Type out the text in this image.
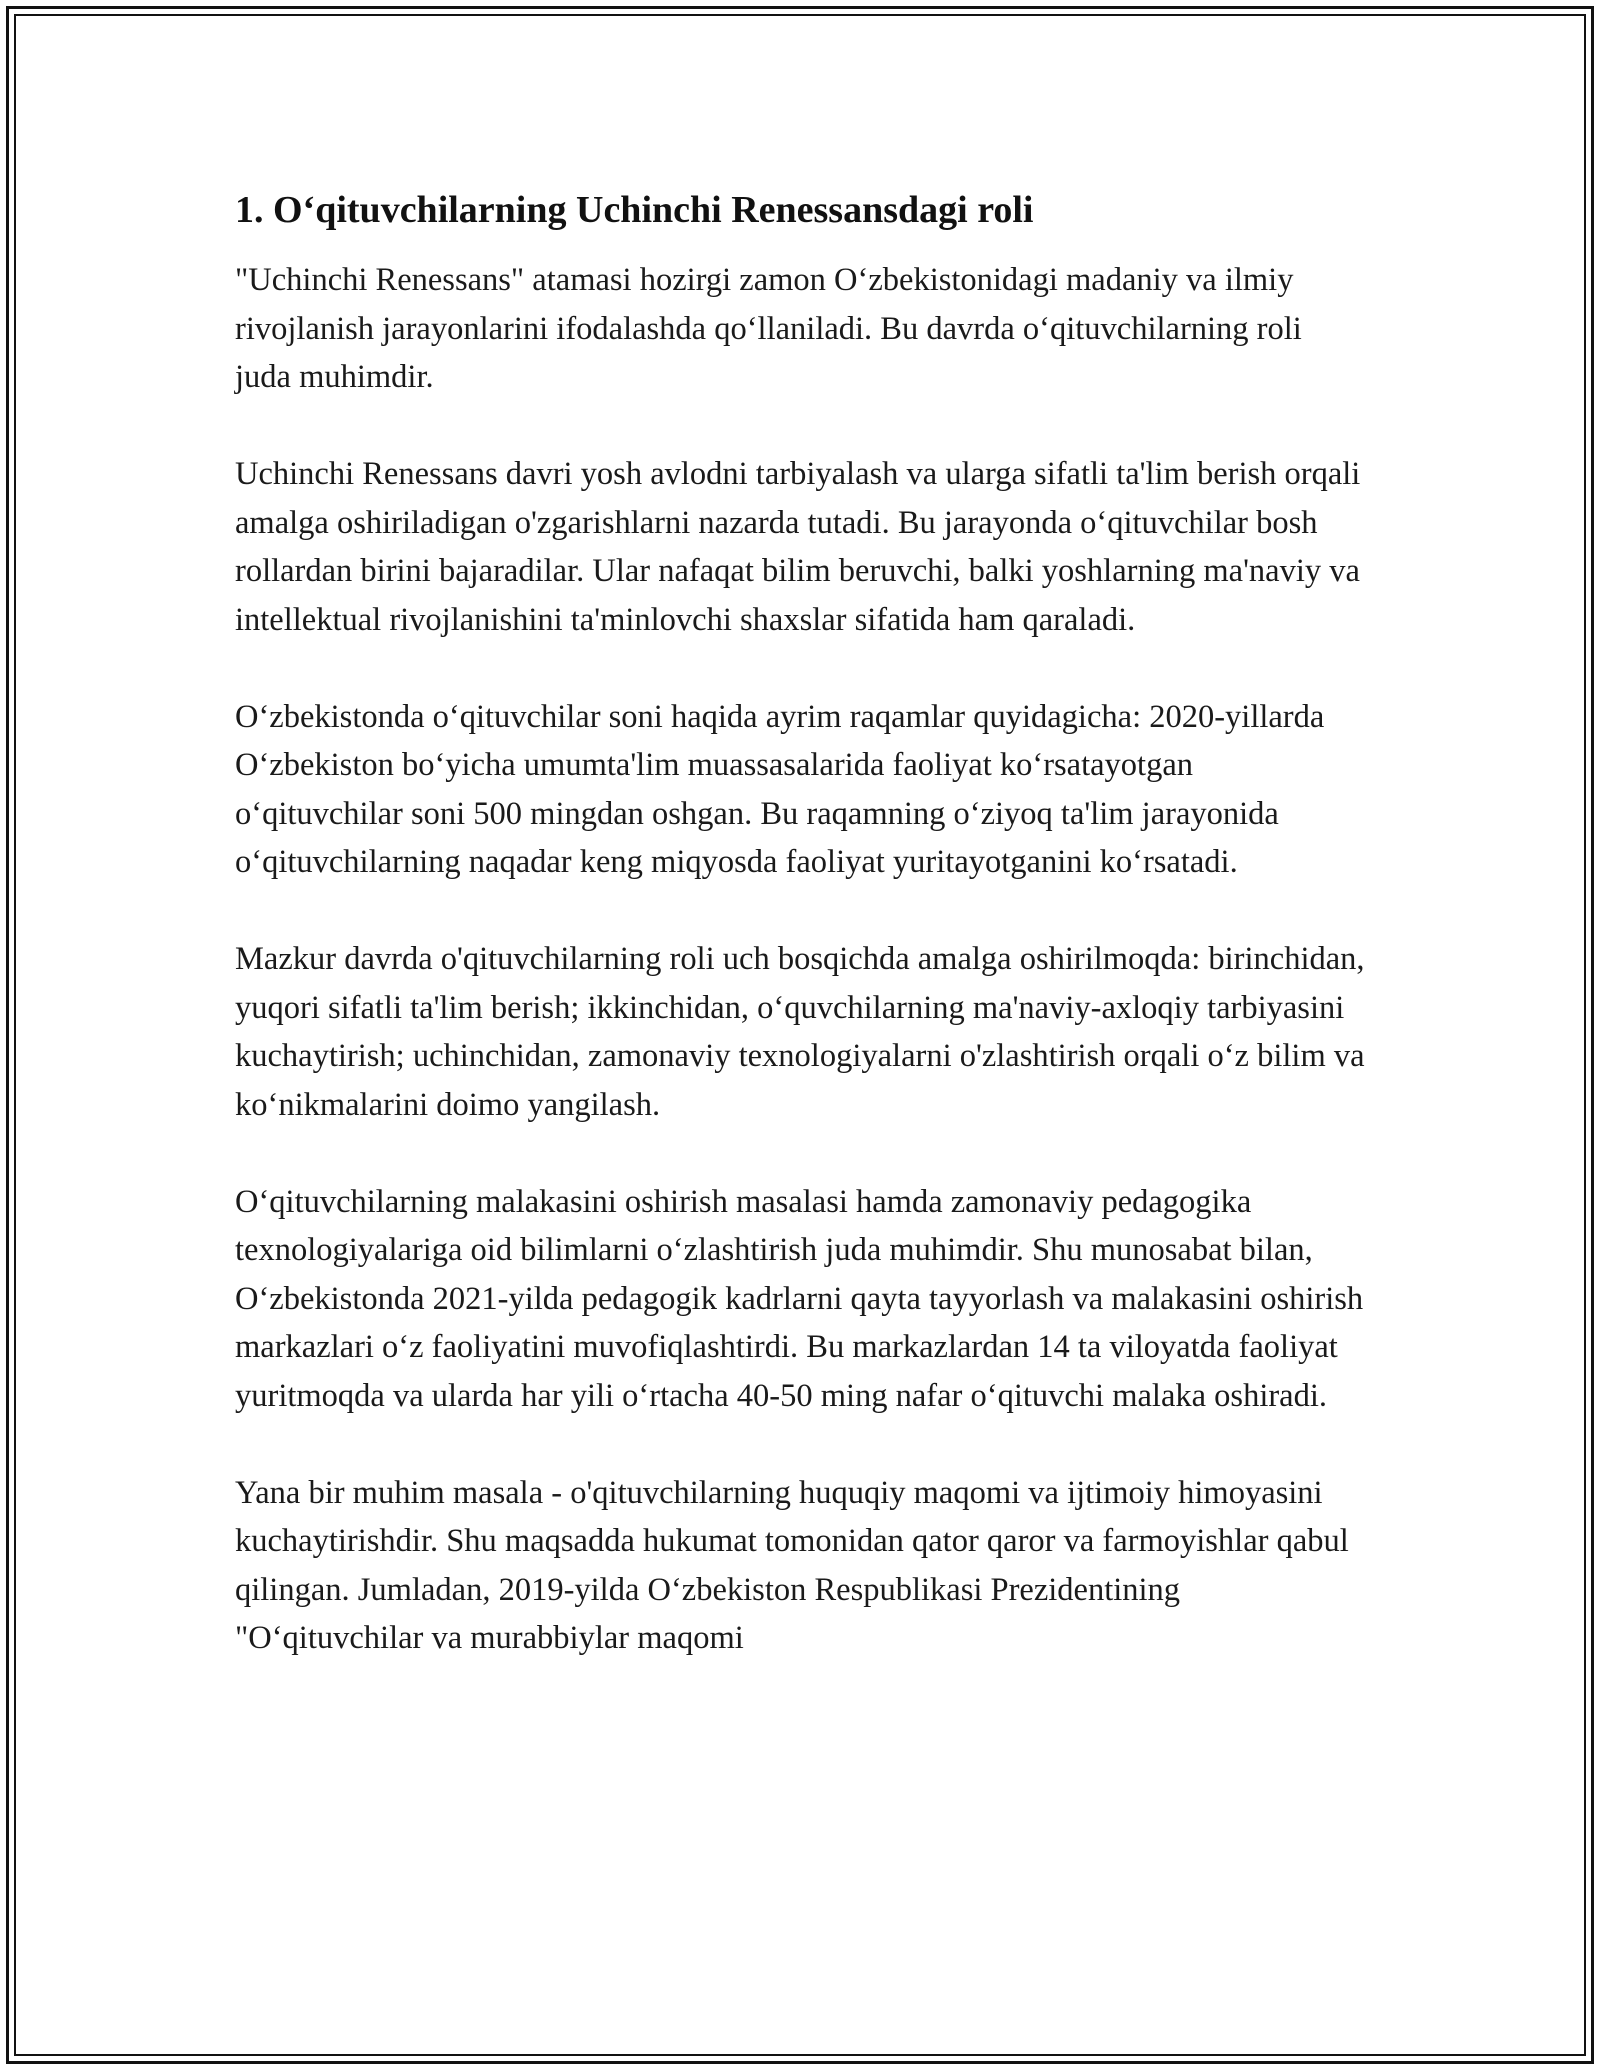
1. O‘qituvchilarning Uchinchi Renessansdagi roli

"Uchinchi Renessans" atamasi hozirgi zamon O‘zbekistonidagi madaniy va ilmiy rivojlanish jarayonlarini ifodalashda qo‘llaniladi. Bu davrda o‘qituvchilarning roli juda muhimdir.

Uchinchi Renessans davri yosh avlodni tarbiyalash va ularga sifatli ta'lim berish orqali amalga oshiriladigan o'zgarishlarni nazarda tutadi. Bu jarayonda o‘qituvchilar bosh rollardan birini bajaradilar. Ular nafaqat bilim beruvchi, balki yoshlarning ma'naviy va intellektual rivojlanishini ta'minlovchi shaxslar sifatida ham qaraladi.

O‘zbekistonda o‘qituvchilar soni haqida ayrim raqamlar quyidagicha: 2020-yillarda O‘zbekiston bo‘yicha umumta'lim muassasalarida faoliyat ko‘rsatayotgan o‘qituvchilar soni 500 mingdan oshgan. Bu raqamning o‘ziyoq ta'lim jarayonida o‘qituvchilarning naqadar keng miqyosda faoliyat yuritayotganini ko‘rsatadi.

Mazkur davrda o'qituvchilarning roli uch bosqichda amalga oshirilmoqda: birinchidan, yuqori sifatli ta'lim berish; ikkinchidan, o‘quvchilarning ma'naviy-axloqiy tarbiyasini kuchaytirish; uchinchidan, zamonaviy texnologiyalarni o'zlashtirish orqali o‘z bilim va ko‘nikmalarini doimo yangilash.

O‘qituvchilarning malakasini oshirish masalasi hamda zamonaviy pedagogika texnologiyalariga oid bilimlarni o‘zlashtirish juda muhimdir. Shu munosabat bilan, O‘zbekistonda 2021-yilda pedagogik kadrlarni qayta tayyorlash va malakasini oshirish markazlari o‘z faoliyatini muvofiqlashtirdi. Bu markazlardan 14 ta viloyatda faoliyat yuritmoqda va ularda har yili o‘rtacha 40-50 ming nafar o‘qituvchi malaka oshiradi.

Yana bir muhim masala - o'qituvchilarning huquqiy maqomi va ijtimoiy himoyasini kuchaytirishdir. Shu maqsadda hukumat tomonidan qator qaror va farmoyishlar qabul qilingan. Jumladan, 2019-yilda O‘zbekiston Respublikasi Prezidentining "O‘qituvchilar va murabbiylar maqomi
